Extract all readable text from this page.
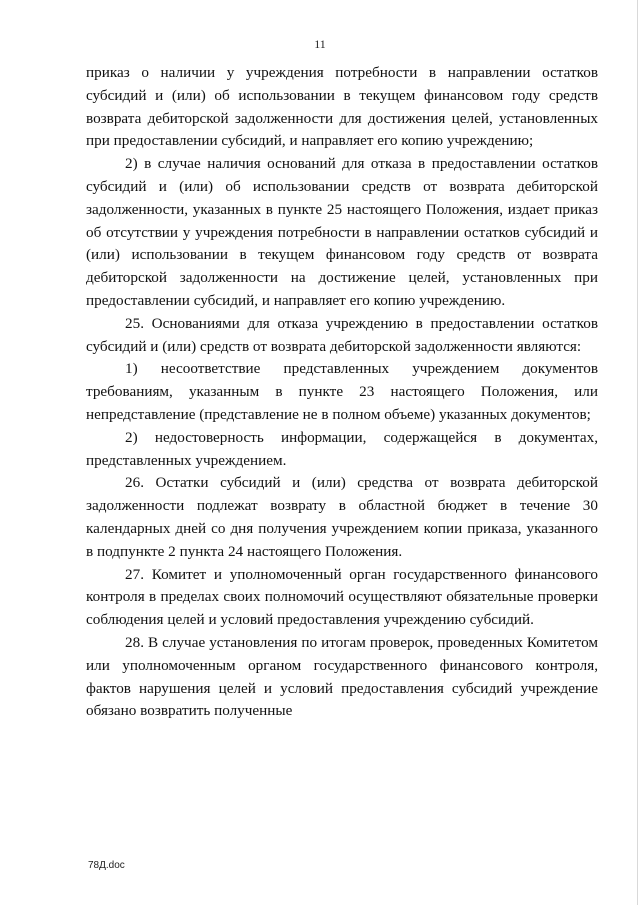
11

приказ о наличии у учреждения потребности в направлении остатков субсидий и (или) об использовании в текущем финансовом году средств возврата дебиторской задолженности для достижения целей, установленных при предоставлении субсидий, и направляет его копию учреждению;

2) в случае наличия оснований для отказа в предоставлении остатков субсидий и (или) об использовании средств от возврата дебиторской задолженности, указанных в пункте 25 настоящего Положения, издает приказ об отсутствии у учреждения потребности в направлении остатков субсидий и (или) использовании в текущем финансовом году средств от возврата дебиторской задолженности на достижение целей, установленных при предоставлении субсидий, и направляет его копию учреждению.

25. Основаниями для отказа учреждению в предоставлении остатков субсидий и (или) средств от возврата дебиторской задолженности являются:

1) несоответствие представленных учреждением документов требованиям, указанным в пункте 23 настоящего Положения, или непредставление (представление не в полном объеме) указанных документов;

2) недостоверность информации, содержащейся в документах, представленных учреждением.

26. Остатки субсидий и (или) средства от возврата дебиторской задолженности подлежат возврату в областной бюджет в течение 30 календарных дней со дня получения учреждением копии приказа, указанного в подпункте 2 пункта 24 настоящего Положения.

27. Комитет и уполномоченный орган государственного финансового контроля в пределах своих полномочий осуществляют обязательные проверки соблюдения целей и условий предоставления учреждению субсидий.

28. В случае установления по итогам проверок, проведенных Комитетом или уполномоченным органом государственного финансового контроля, фактов нарушения целей и условий предоставления субсидий учреждение обязано возвратить полученные

78Д.doc
